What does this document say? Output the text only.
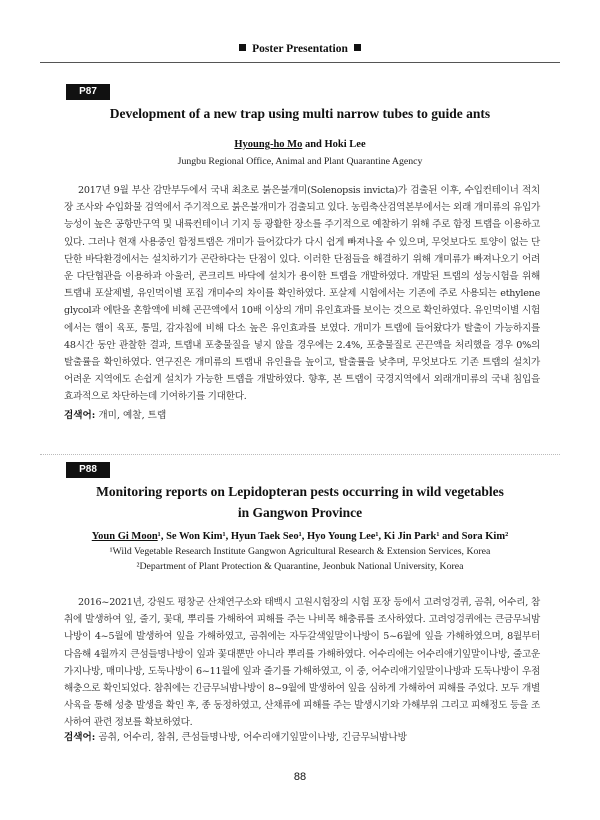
Poster Presentation
P87
Development of a new trap using multi narrow tubes to guide ants
Hyoung-ho Mo and Hoki Lee
Jungbu Regional Office, Animal and Plant Quarantine Agency
2017년 9월 부산 감만부두에서 국내 최초로 붉은불개미(Solenopsis invicta)가 검출된 이후, 수입컨테이너 적치장 조사와 수입화물 검역에서 주기적으로 붉은불개미가 검출되고 있다. 농림축산검역본부에서는 외래 개미류의 유입가능성이 높은 공항만구역 및 내륙컨테이너 기지 등 광활한 장소를 주기적으로 예찰하기 위해 주로 함정 트랩을 이용하고 있다. 그러나 현재 사용중인 함정트랩은 개미가 들어갔다가 다시 쉽게 빠져나올 수 있으며, 무엇보다도 토양이 없는 단단한 바닥환경에서는 설치하기가 곤란하다는 단점이 있다. 이러한 단점들을 해결하기 위해 개미류가 빠져나오기 어려운 다단협관을 이용하과 아울러, 콘크리트 바닥에 설치가 용이한 트랩을 개발하였다. 개발된 트랩의 성능시험을 위해 트랩내 포살제별, 유인먹이별 포집 개미수의 차이를 확인하였다. 포살제 시험에서는 기존에 주로 사용되는 ethylene glycol과 에탄올 혼합액에 비해 곤끈액에서 10배 이상의 개미 유인효과를 보이는 것으로 확인하였다. 유인먹이별 시험에서는 햄이 육포, 통밀, 감자칩에 비해 다소 높은 유인효과를 보였다. 개미가 트랩에 들어왔다가 탈출이 가능하지를 48시간 동안 관찰한 결과, 트랩내 포충물질을 넣지 않을 경우에는 2.4%, 포충물질로 곤끈액을 처리했을 경우 0%의 탈출률을 확인하였다. 연구진은 개미류의 트랩내 유인율을 높이고, 탈출률을 낮추며, 무엇보다도 기존 트랩의 설치가 어려운 지역에도 손쉽게 설치가 가능한 트랩을 개발하였다. 향후, 본 트랩이 국경지역에서 외래개미류의 국내 침입을 효과적으로 차단하는데 기여하기를 기대한다.
검색어: 개미, 예찰, 트랩
P88
Monitoring reports on Lepidopteran pests occurring in wild vegetables
in Gangwon Province
Youn Gi Moon¹, Se Won Kim¹, Hyun Taek Seo¹, Hyo Young Lee¹, Ki Jin Park¹ and Sora Kim²
¹Wild Vegetable Research Institute Gangwon Agricultural Research & Extension Services, Korea
²Department of Plant Protection & Quarantine, Jeonbuk National University, Korea
2016~2021년, 강원도 평창군 산채연구소와 태백시 고원시험장의 시험 포장 등에서 고려엉겅퀴, 곰취, 어수리, 참취에 발생하여 잎, 줄기, 꽃대, 뿌리를 가해하여 피해를 주는 나비목 해충류를 조사하였다. 고려엉겅퀴에는 큰금무늬밤나방이 4~5월에 발생하여 잎을 가해하였고, 곰취에는 자두갈색잎말이나방이 5~6월에 잎을 가해하였으며, 8월부터 다음해 4월까지 큰섬들명나방이 잎과 꽃대뿐만 아니라 뿌리를 가해하였다. 어수리에는 어수리애기잎말이나방, 줄고운가지나방, 매미나방, 도둑나방이 6~11월에 잎과 줄기를 가해하였고, 이 중, 어수리애기잎말이나방과 도둑나방이 우점 해충으로 확인되었다. 참취에는 긴금무늬밤나방이 8~9월에 발생하여 잎을 심하게 가해하여 피해를 주었다. 모두 개별 사육을 통해 성충 발생을 확인 후, 종 동정하였고, 산채류에 피해를 주는 발생시기와 가해부위 그리고 피해정도 등을 조사하여 관련 정보를 확보하였다.
검색어: 곰취, 어수리, 참취, 큰섬들명나방, 어수리애기잎말이나방, 긴금무늬밤나방
88
